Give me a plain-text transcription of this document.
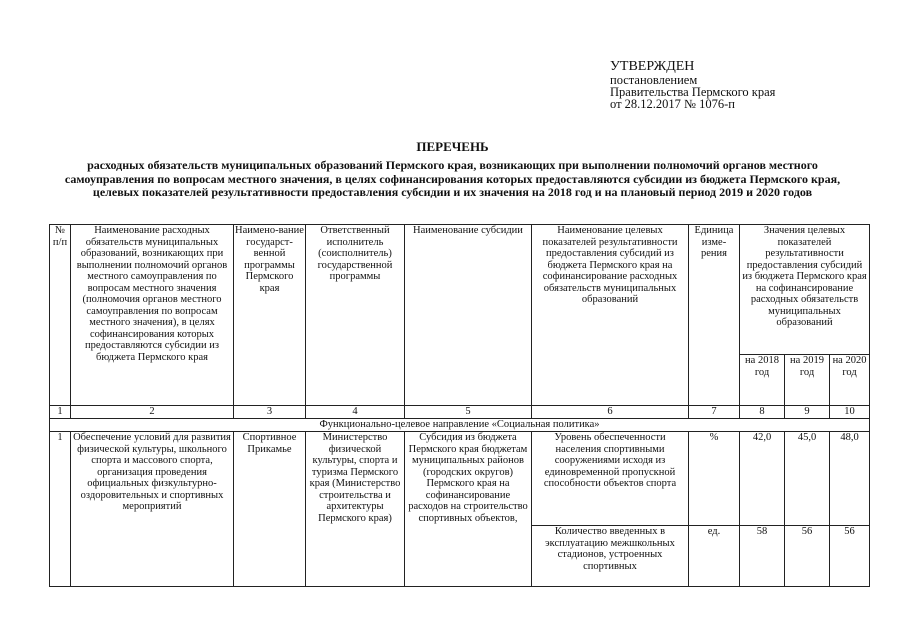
УТВЕРЖДЕН
постановлением
Правительства Пермского края
от 28.12.2017 № 1076-п
ПЕРЕЧЕНЬ
расходных обязательств муниципальных образований Пермского края, возникающих при выполнении полномочий органов местного самоуправления по вопросам местного значения, в целях софинансирования которых предоставляются субсидии из бюджета Пермского края, целевых показателей результативности предоставления субсидии и их значения на 2018 год и на плановый период 2019 и 2020 годов
№ п/п	Наименование расходных обязательств муниципальных образований, возникающих при выполнении полномочий органов местного самоуправления по вопросам местного значения (полномочия органов местного самоуправления по вопросам местного значения), в целях софинансирования которых предоставляются субсидии из бюджета Пермского края	Наимено-вание государст-венной программы Пермского края	Ответственный исполнитель (соисполнитель) государственной программы	Наименование субсидии	Наименование целевых показателей результативности предоставления субсидий из бюджета Пермского края на софинансирование расходных обязательств муниципальных образований	Единица изме-рения	Значения целевых показателей результативности предоставления субсидий из бюджета Пермского края на софинансирование расходных обязательств муниципальных образований		
							на 2018 год	на 2019 год	на 2020 год
1	2	3	4	5	6	7	8	9	10
Функционально-целевое направление «Социальная политика»									
1	Обеспечение условий для развития физической культуры, школьного спорта и массового спорта, организация проведения официальных физкультурно-оздоровительных и спортивных мероприятий	Спортивное Прикамье	Министерство физической культуры, спорта и туризма Пермского края (Министерство строительства и архитектуры Пермского края)	Субсидия из бюджета Пермского края бюджетам муниципальных районов (городских округов) Пермского края на софинансирование расходов на строительство спортивных объектов,	Уровень обеспеченности населения спортивными сооружениями исходя из единовременной пропускной способности объектов спорта	%	42,0	45,0	48,0
					Количество введенных в эксплуатацию межшкольных стадионов, устроенных спортивных	ед.	58	56	56
